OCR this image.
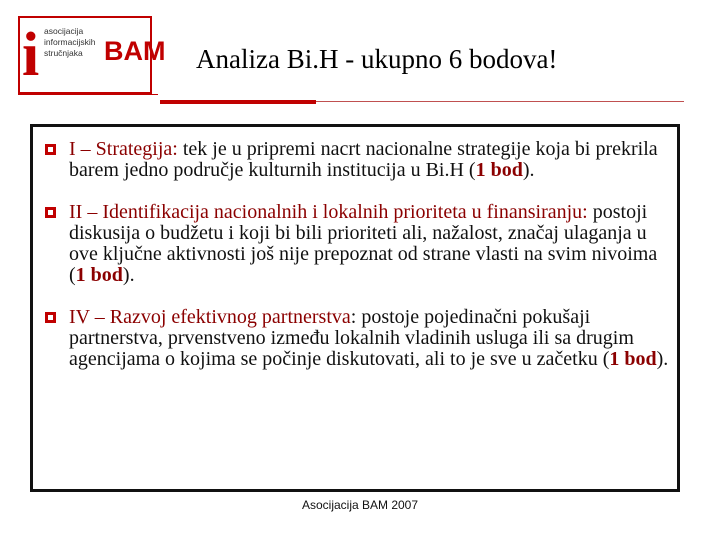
i asocijacija
informacijskih
stručnjaka BAM Analiza Bi.H - ukupno 6 bodova!
I – Strategija: tek je u pripremi nacrt nacionalne strategije koja bi prekrila barem jedno područje kulturnih institucija u Bi.H (1 bod).
II – Identifikacija nacionalnih i lokalnih prioriteta u finansiranju: postoji diskusija o budžetu i koji bi bili prioriteti ali, nažalost, značaj ulaganja u ove ključne aktivnosti još nije prepoznat od strane vlasti na svim nivoima (1 bod).
IV – Razvoj efektivnog partnerstva: postoje pojedinačni pokušaji partnerstva, prvenstveno između lokalnih vladinih usluga ili sa drugim agencijama o kojima se počinje diskutovati, ali to je sve u začetku (1 bod).
Asocijacija BAM 2007
